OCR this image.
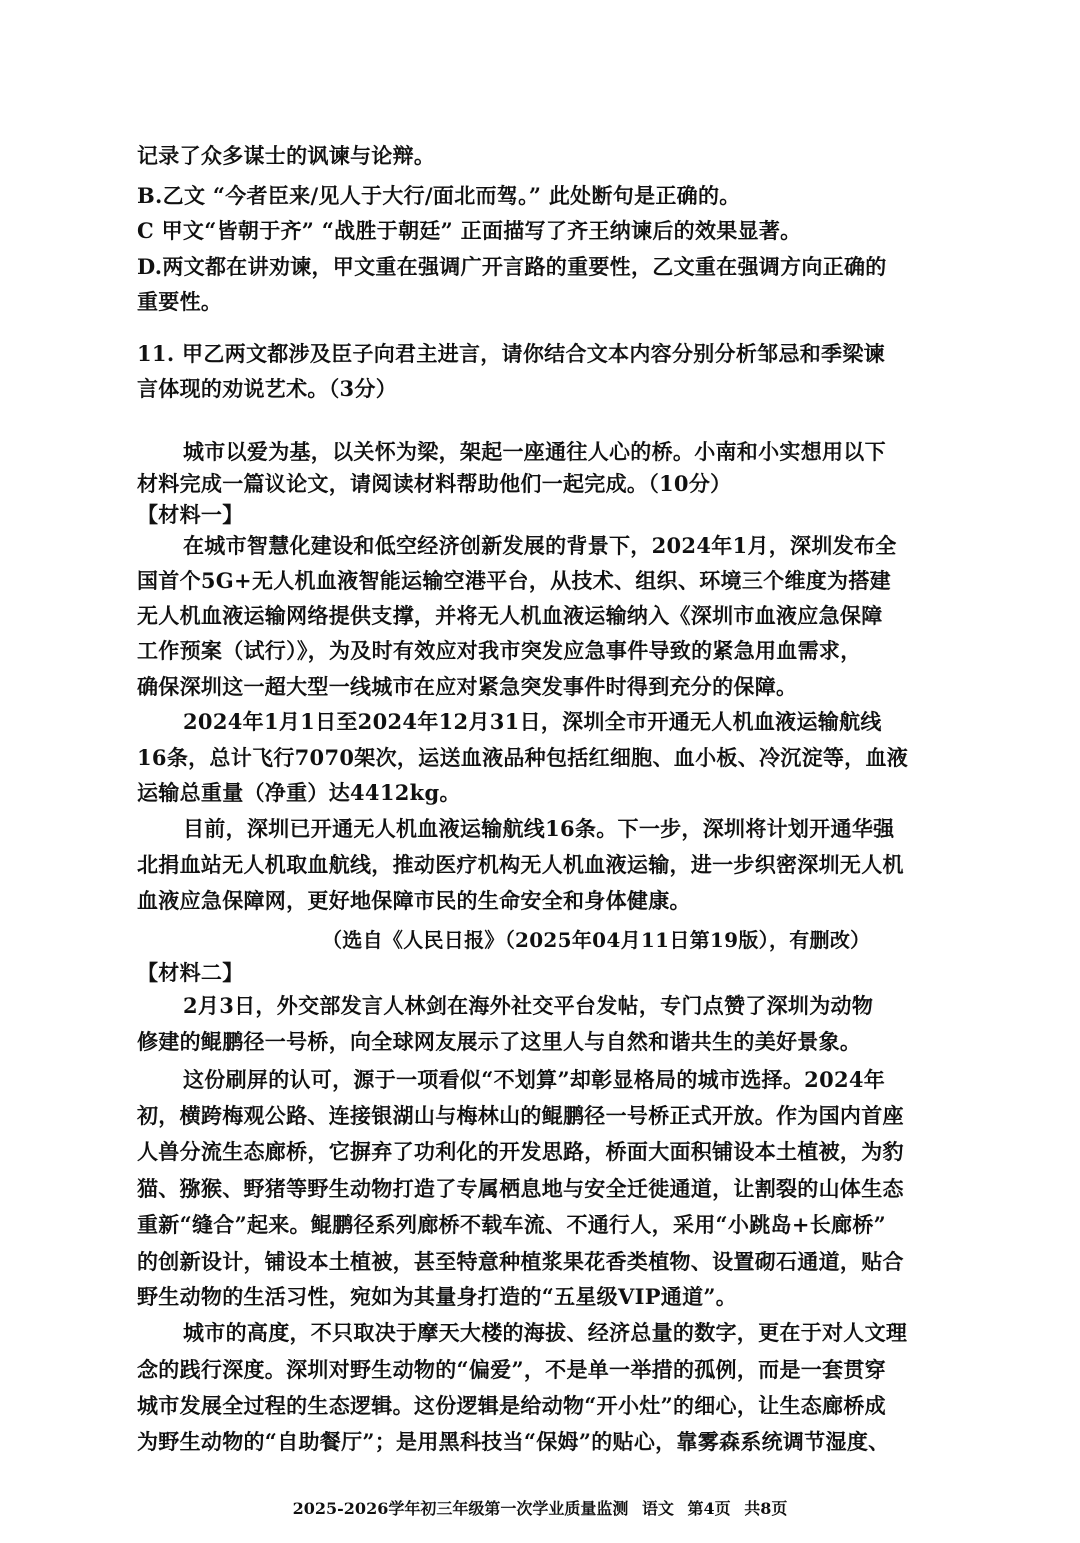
记录了众多谋士的讽谏与论辩。
B.乙文 “今者臣来/见人于大行/面北而驾。” 此处断句是正确的。
C 甲文“皆朝于齐” “战胜于朝廷” 正面描写了齐王纳谏后的效果显著。
D.两文都在讲劝谏，甲文重在强调广开言路的重要性，乙文重在强调方向正确的
重要性。
11. 甲乙两文都涉及臣子向君主进言，请你结合文本内容分别分析邹忌和季梁谏
言体现的劝说艺术。（3分）
城市以爱为基，以关怀为梁，架起一座通往人心的桥。小南和小实想用以下
材料完成一篇议论文，请阅读材料帮助他们一起完成。（10分）
【材料一】
在城市智慧化建设和低空经济创新发展的背景下，2024年1月，深圳发布全
国首个5G+无人机血液智能运输空港平台，从技术、组织、环境三个维度为搭建
无人机血液运输网络提供支撑，并将无人机血液运输纳入《深圳市血液应急保障
工作预案（试行）》，为及时有效应对我市突发应急事件导致的紧急用血需求，
确保深圳这一超大型一线城市在应对紧急突发事件时得到充分的保障。
2024年1月1日至2024年12月31日，深圳全市开通无人机血液运输航线
16条，总计飞行7070架次，运送血液品种包括红细胞、血小板、冷沉淀等，血液
运输总重量（净重）达4412kg。
目前，深圳已开通无人机血液运输航线16条。下一步，深圳将计划开通华强
北捐血站无人机取血航线，推动医疗机构无人机血液运输，进一步织密深圳无人机
血液应急保障网，更好地保障市民的生命安全和身体健康。
（选自《人民日报》（2025年04月11日第19版），有删改）
【材料二】
2月3日，外交部发言人林剑在海外社交平台发帖，专门点赞了深圳为动物
修建的鲲鹏径一号桥，向全球网友展示了这里人与自然和谐共生的美好景象。
这份刷屏的认可，源于一项看似“不划算”却彰显格局的城市选择。2024年
初，横跨梅观公路、连接银湖山与梅林山的鲲鹏径一号桥正式开放。作为国内首座
人兽分流生态廊桥，它摒弃了功利化的开发思路，桥面大面积铺设本土植被，为豹
猫、猕猴、野猪等野生动物打造了专属栖息地与安全迁徙通道，让割裂的山体生态
重新“缝合”起来。鲲鹏径系列廊桥不载车流、不通行人，采用“小跳岛+长廊桥”
的创新设计，铺设本土植被，甚至特意种植浆果花香类植物、设置砌石通道，贴合
野生动物的生活习性，宛如为其量身打造的“五星级VIP通道”。
城市的高度，不只取决于摩天大楼的海拔、经济总量的数字，更在于对人文理
念的践行深度。深圳对野生动物的“偏爱”，不是单一举措的孤例，而是一套贯穿
城市发展全过程的生态逻辑。这份逻辑是给动物“开小灶”的细心，让生态廊桥成
为野生动物的“自助餐厅”；是用黑科技当“保姆”的贴心，靠雾森系统调节湿度、
2025-2026学年初三年级第一次学业质量监测 语文 第4页 共8页
